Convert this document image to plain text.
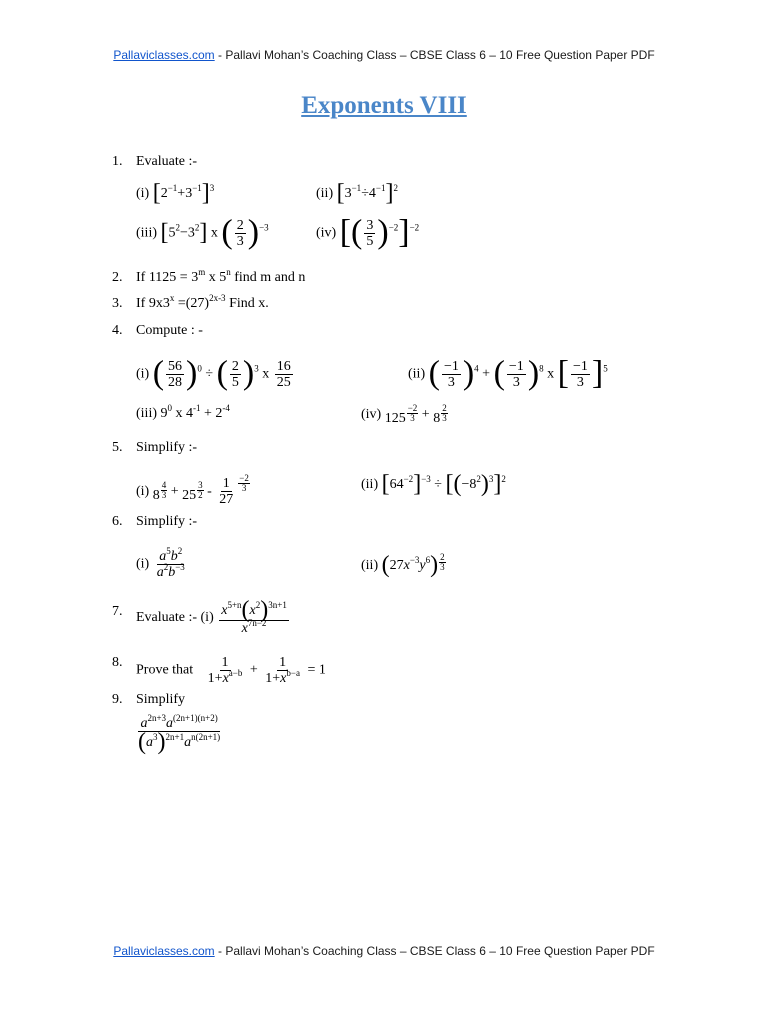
Pallaviclasses.com - Pallavi Mohan’s Coaching Class – CBSE Class 6 – 10 Free Question Paper PDF
Exponents VIII
1. Evaluate :-
(i) $[2^{-1}+3^{-1}]^3$	(ii) $[3^{-1}\div 4^{-1}]^2$
(iii) $[5^2-3^2]$ x ( $\frac{2}{3} )^{-3}$	(iv) [( $\frac{3}{5} )^{-2}]^{-2}$
2. If $1125 = 3^m$ x 5$^n$ find m and n
3. If $9x3^x =(27)^{2x-3}$ Find x.
4. Compute : -
(i) ( $\frac{56}{28} )^0$ ÷ ( $\frac{2}{5} )^3$ x $\frac{16}{25}$	(ii) ( $\frac{-1}{3} )^4$ + ( $\frac{-1}{3} )^8$ x [ $\frac{-1}{3} ]^5$
(iii) $9^0$ x $4^{-1} + 2^{-4}$	(iv) $125 \frac{-2}{3} + 8 \frac{2}{3}$
5. Simplify :-
(i) $8 \frac{4}{3} + 25 \frac{3}{2} - \frac{1}{27} \frac{-2}{3}$	(ii) $[64^{-2}]^{-3} \div [(-8^2)^3]^2$
6. Simplify :-
$(i) \frac{a^5b^2}{a^2b^{-3}}$	(ii) $(27x^{-3}y^6) \frac{2}{3}$
7. Evaluate :- $(i) \frac{x^{5+n}(x^2)^{3n+1}}{x^{7n-2}}$
8.
Prove that $\frac{1}{1+x^{a-b}} + \frac{1}{1+x^{b-a}} = 1$
9. Simplify
$\frac{a^{2n+3}a^{(2n+1)(n+2)}}{(a^3)^{2n+1}a^{n(2n+1)}}$
Pallaviclasses.com - Pallavi Mohan’s Coaching Class – CBSE Class 6 – 10 Free Question Paper PDF
